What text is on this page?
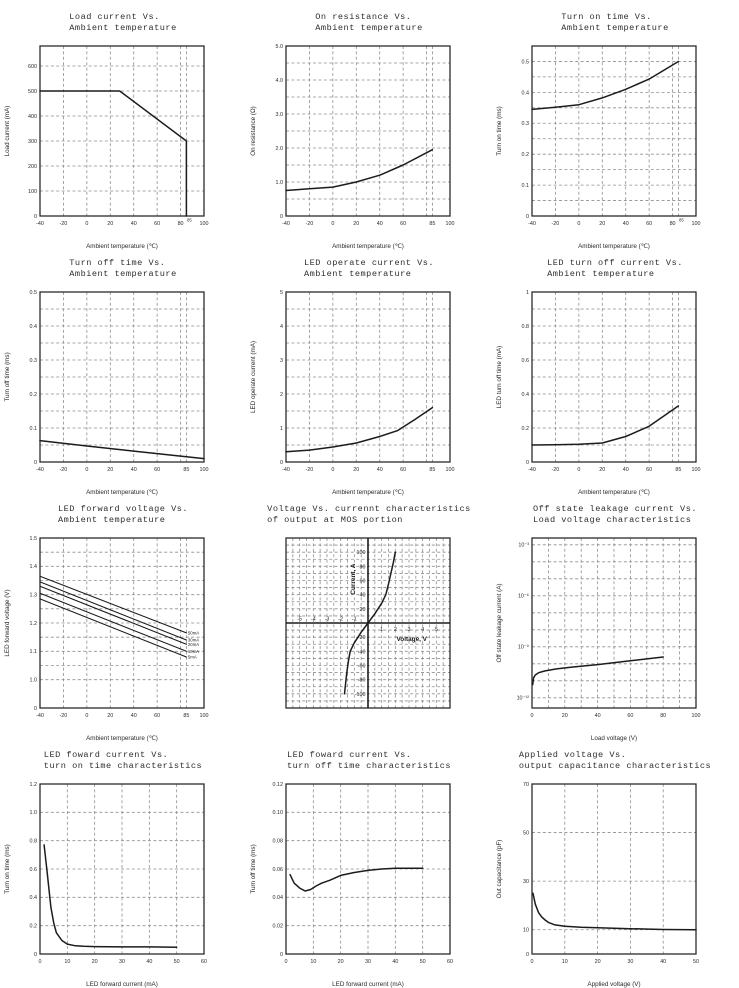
Load current Vs.
Ambient temperature
-40	-20	0	20	40	60	80
85
100
0
100
200
300
400
500
600
Ambient temperature (℃)
Load current (mA)
On resistance Vs.
Ambient temperature
-40	-20	0	20	40	60	85 100
0
1.0
2.0
3.0
4.0
5.0
Ambient temperature (℃)
On resistance (Ω)
Turn on time Vs.
Ambient temperature
-40	-20	0	20	40	60	80
85
100
0
0.1
0.2
0.3
0.4
0.5
Ambient temperature (℃)
Turn on time (ms)
Turn off time Vs.
Ambient temperature
-40	-20	0	20	40	60	85 100
0
0.1
0.2
0.3
0.4
0.5
Ambient temperature (℃)
Turn off time (ms)
LED operate current Vs.
Ambient temperature
-40	-20	0	20	40	60	85 100
0
1
2
3
4
5
Ambient temperature (℃)
LED operate current (mA)
LED turn off current Vs.
Ambient temperature
-40	-20	0	20	40	60	85 100
0
0.2
0.4
0.6
0.8
1
Ambient temperature (℃)
LED turn off time (mA)
LED forward voltage Vs.
Ambient temperature
-40	-20	0	20	40	60	85 100
0
1.0
1.1
1.2
1.3
1.4
1.5
Ambient temperature (℃)
LED forward voltage (V)	50mA
30mA
20mA
10mA
5mA
Voltage Vs. currennt characteristics
of output at MOS portion
-5 -4 -3 -2 -1
1 2 3 4 5
100
80
60
40
20
-20
-40
-60
-80
-100
Current, A
Voltage, V
Off state leakage current Vs.
Load voltage characteristics
0	20	40	60	80	100
10⁻³
10⁻⁶
10⁻⁹
10⁻¹²
Load voltage (V)
Off state leakage current (A)
LED foward current Vs.
turn on time characteristics
0	10	20	30	40	50	60
0
0.2
0.4
0.6
0.8
1.0
1.2
LED forward current (mA)
Turn on time (ms)
LED foward current Vs.
turn off time characteristics
0	10	20	30	40	50	60
0
0.02
0.04
0.06
0.08
0.10
0.12
LED forward current (mA)
Turn off time (ms)
Applied voltage Vs.
output capacitance characteristics
0	10	20	30	40	50
0
10
30
50
70
Applied voltage (V)
Out capacitance (pF)
